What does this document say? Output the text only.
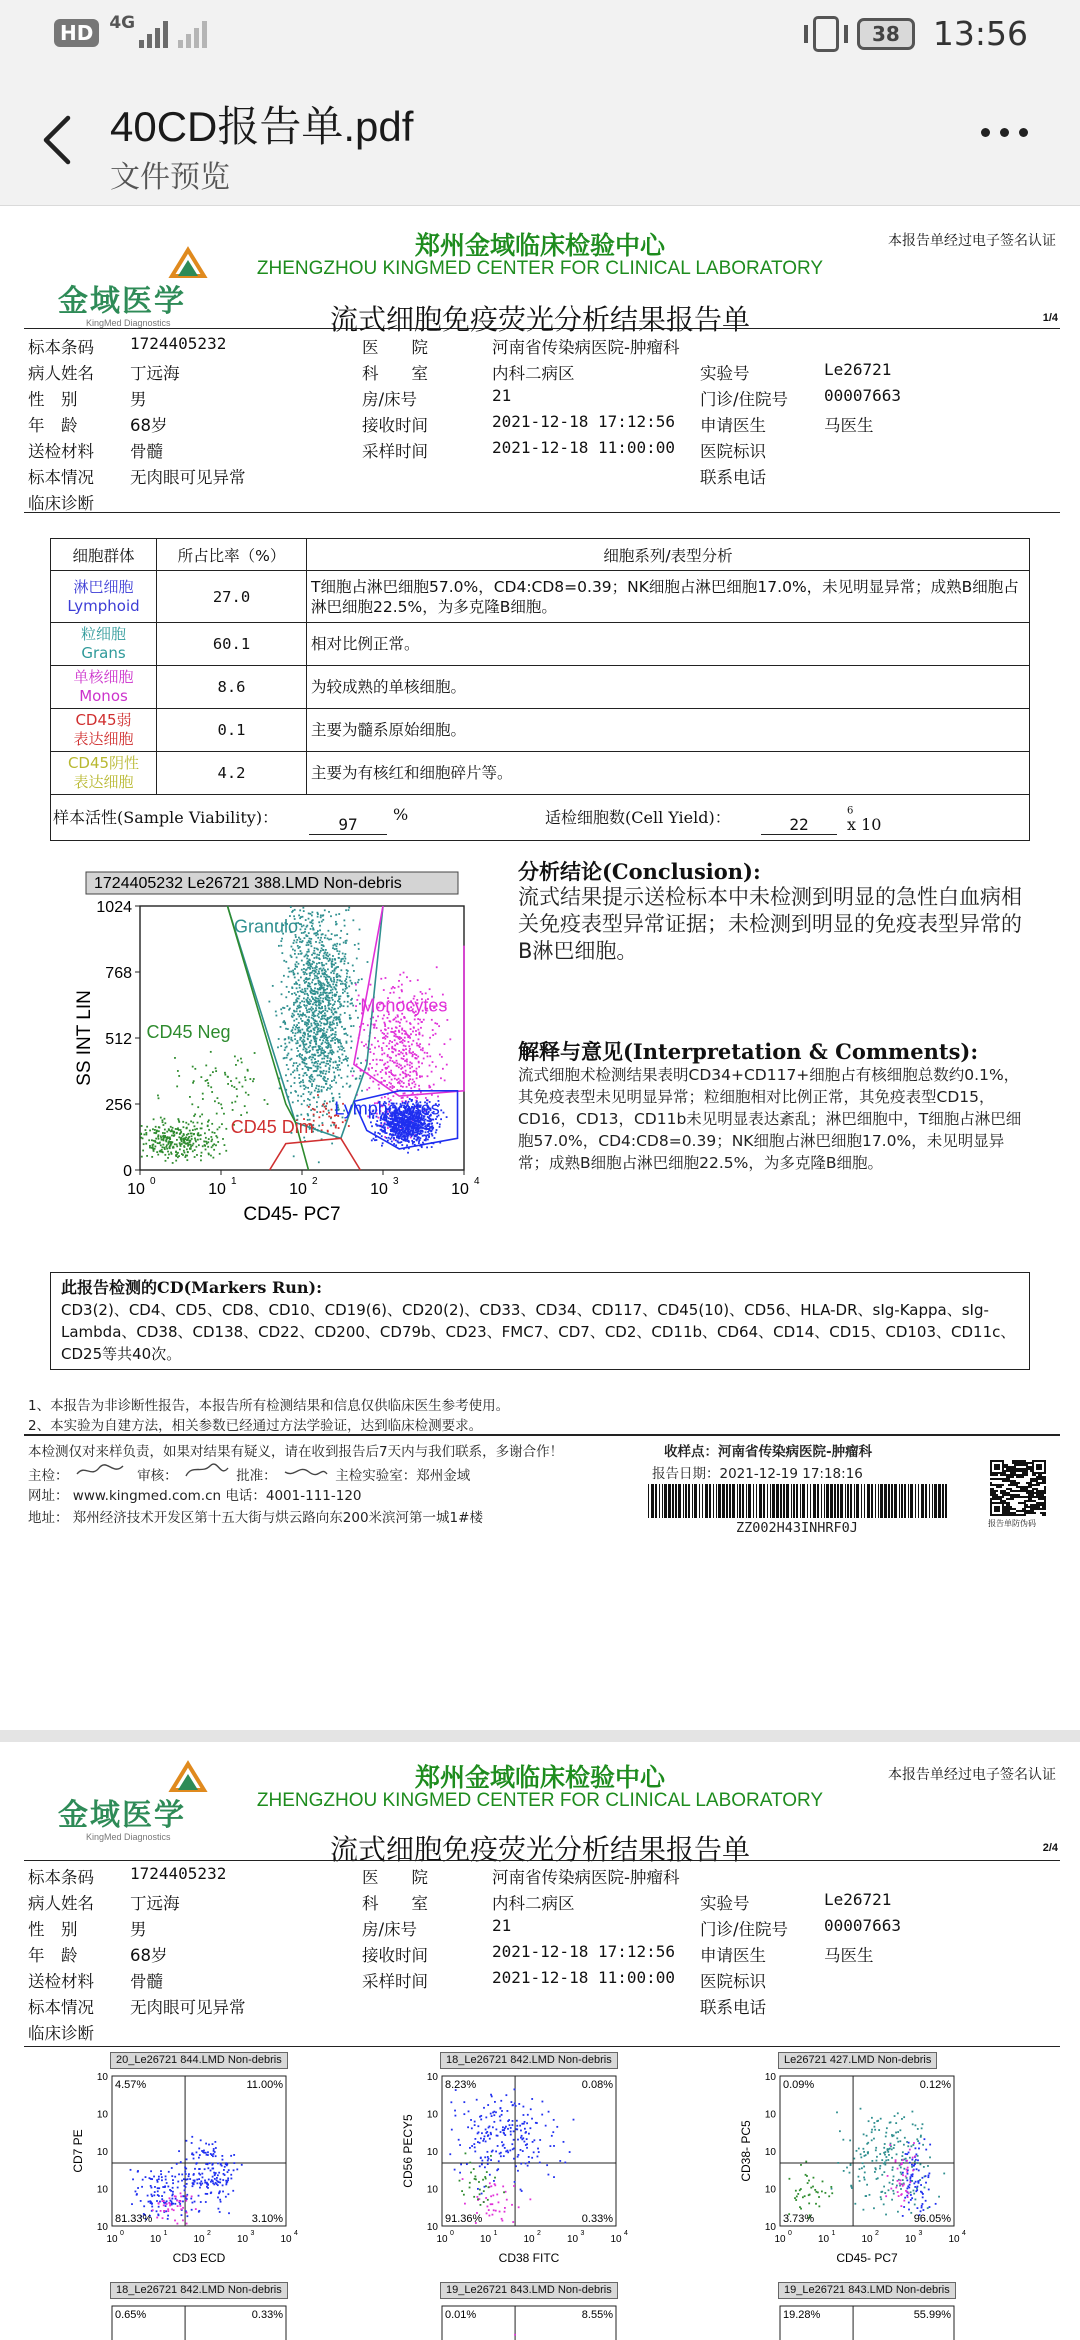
HD 4G	38 13:56
40CD报告单.pdf
文件预览
金域医学
KingMed Diagnostics
郑州金域临床检验中心
ZHENGZHOU KINGMED CENTER FOR CLINICAL LABORATORY
本报告单经过电子签名认证
流式细胞免疫荧光分析结果报告单	1/4
标本条码 1724405232
病人姓名 丁远海
性　别	男
年　龄	68岁
送检材料 骨髓
标本情况 无肉眼可见异常
临床诊断
医　　院	河南省传染病医院-肿瘤科
科　　室	内科二病区
房/床号	21
接收时间	2021-12-18 17:12:56
采样时间	2021-12-18 11:00:00
实验号	Le26721
门诊/住院号 00007663
申请医生	马医生
医院标识
联系电话
细胞群体	所占比率（%）	细胞系列/表型分析

淋巴细胞
Lymphoid	27.0	T细胞占淋巴细胞57.0%，CD4:CD8=0.39；NK细胞占淋巴细胞17.0%，未见明显异常；成熟B细胞占淋巴细胞22.5%，为多克隆B细胞。

粒细胞
Grans	60.1	相对比例正常。

单核细胞
Monos	8.6	为较成熟的单核细胞。

CD45弱
表达细胞	0.1	主要为髓系原始细胞。

CD45阴性
表达细胞	4.2	主要为有核红和细胞碎片等。
样本活性(Sample Viability)：	97
%	适检细胞数(Cell Yield)：	22	x 10
$^6$
1724405232 Le26721 388.LMD Non-debris
Granulo
Monocytes
CD45 Neg
CD45 Dim
Lymphocytes
1024
768
512
256
0
10 0	10 1	10 2	10 3	10 4
CD45- PC7
SS INT LIN
分析结论(Conclusion):
流式结果提示送检标本中未检测到明显的急性白血病相关免疫表型异常证据；未检测到明显的免疫表型异常的B淋巴细胞。
解释与意见(Interpretation & Comments):
流式细胞术检测结果表明CD34+CD117+细胞占有核细胞总数约0.1%，其免疫表型未见明显异常；粒细胞相对比例正常，其免疫表型CD15，CD16，CD13，CD11b未见明显表达紊乱；淋巴细胞中，T细胞占淋巴细胞57.0%，CD4:CD8=0.39；NK细胞占淋巴细胞17.0%，未见明显异常；成熟B细胞占淋巴细胞22.5%，为多克隆B细胞。
此报告检测的CD(Markers Run):
CD3(2)、CD4、CD5、CD8、CD10、CD19(6)、CD20(2)、CD33、CD34、CD117、CD45(10)、CD56、HLA-DR、sIg-Kappa、sIg-Lambda、CD38、CD138、CD22、CD200、CD79b、CD23、FMC7、CD7、CD2、CD11b、CD64、CD14、CD15、CD103、CD11c、CD25等共40次。
1、本报告为非诊断性报告，本报告所有检测结果和信息仅供临床医生参考使用。
2、本实验为自建方法，相关参数已经通过方法学验证，达到临床检测要求。
本检测仅对来样负责，如果对结果有疑义，请在收到报告后7天内与我们联系，多谢合作！	收样点：河南省传染病医院-肿瘤科
主检：	审核：	批准：	主检实验室：郑州金域	报告日期：2021-12-19 17:18:16
ZZ002H43INHRF0J	报告单防伪码
网址： www.kingmed.com.cn 电话：4001-111-120
地址： 郑州经济技术开发区第十五大街与烘云路向东200米滨河第一城1#楼
金域医学
KingMed Diagnostics
郑州金域临床检验中心
ZHENGZHOU KINGMED CENTER FOR CLINICAL LABORATORY
本报告单经过电子签名认证
流式细胞免疫荧光分析结果报告单	2/4
标本条码 1724405232
病人姓名 丁远海
性　别	男
年　龄	68岁
送检材料 骨髓
标本情况 无肉眼可见异常
临床诊断
医　　院	河南省传染病医院-肿瘤科
科　　室	内科二病区
房/床号	21
接收时间	2021-12-18 17:12:56
采样时间	2021-12-18 11:00:00
实验号	Le26721
门诊/住院号 00007663
申请医生	马医生
医院标识
联系电话
20_Le26721 844.LMD Non-debris
4.57%	11.00%
81.33%	3.10%
CD3 ECD
CD7 PE
10
0
10
10
1
10
10
2
10
10
3
10
10
4
10
18_Le26721 842.LMD Non-debris
8.23%	0.08%
91.36%	0.33%
CD38 FITC
CD56 PECY5
10
0
10
10
1
10
10
2
10
10
3
10
10
4
10
Le26721 427.LMD Non-debris
0.09%	0.12%
3.73%	96.05%
CD45- PC7
CD38- PC5
10
0
10
10
1
10
10
2
10
10
3
10
10
4
10
18_Le26721 842.LMD Non-debris
0.65%	0.33%
19_Le26721 843.LMD Non-debris
0.01%	8.55%
19_Le26721 843.LMD Non-debris
19.28%	55.99%
